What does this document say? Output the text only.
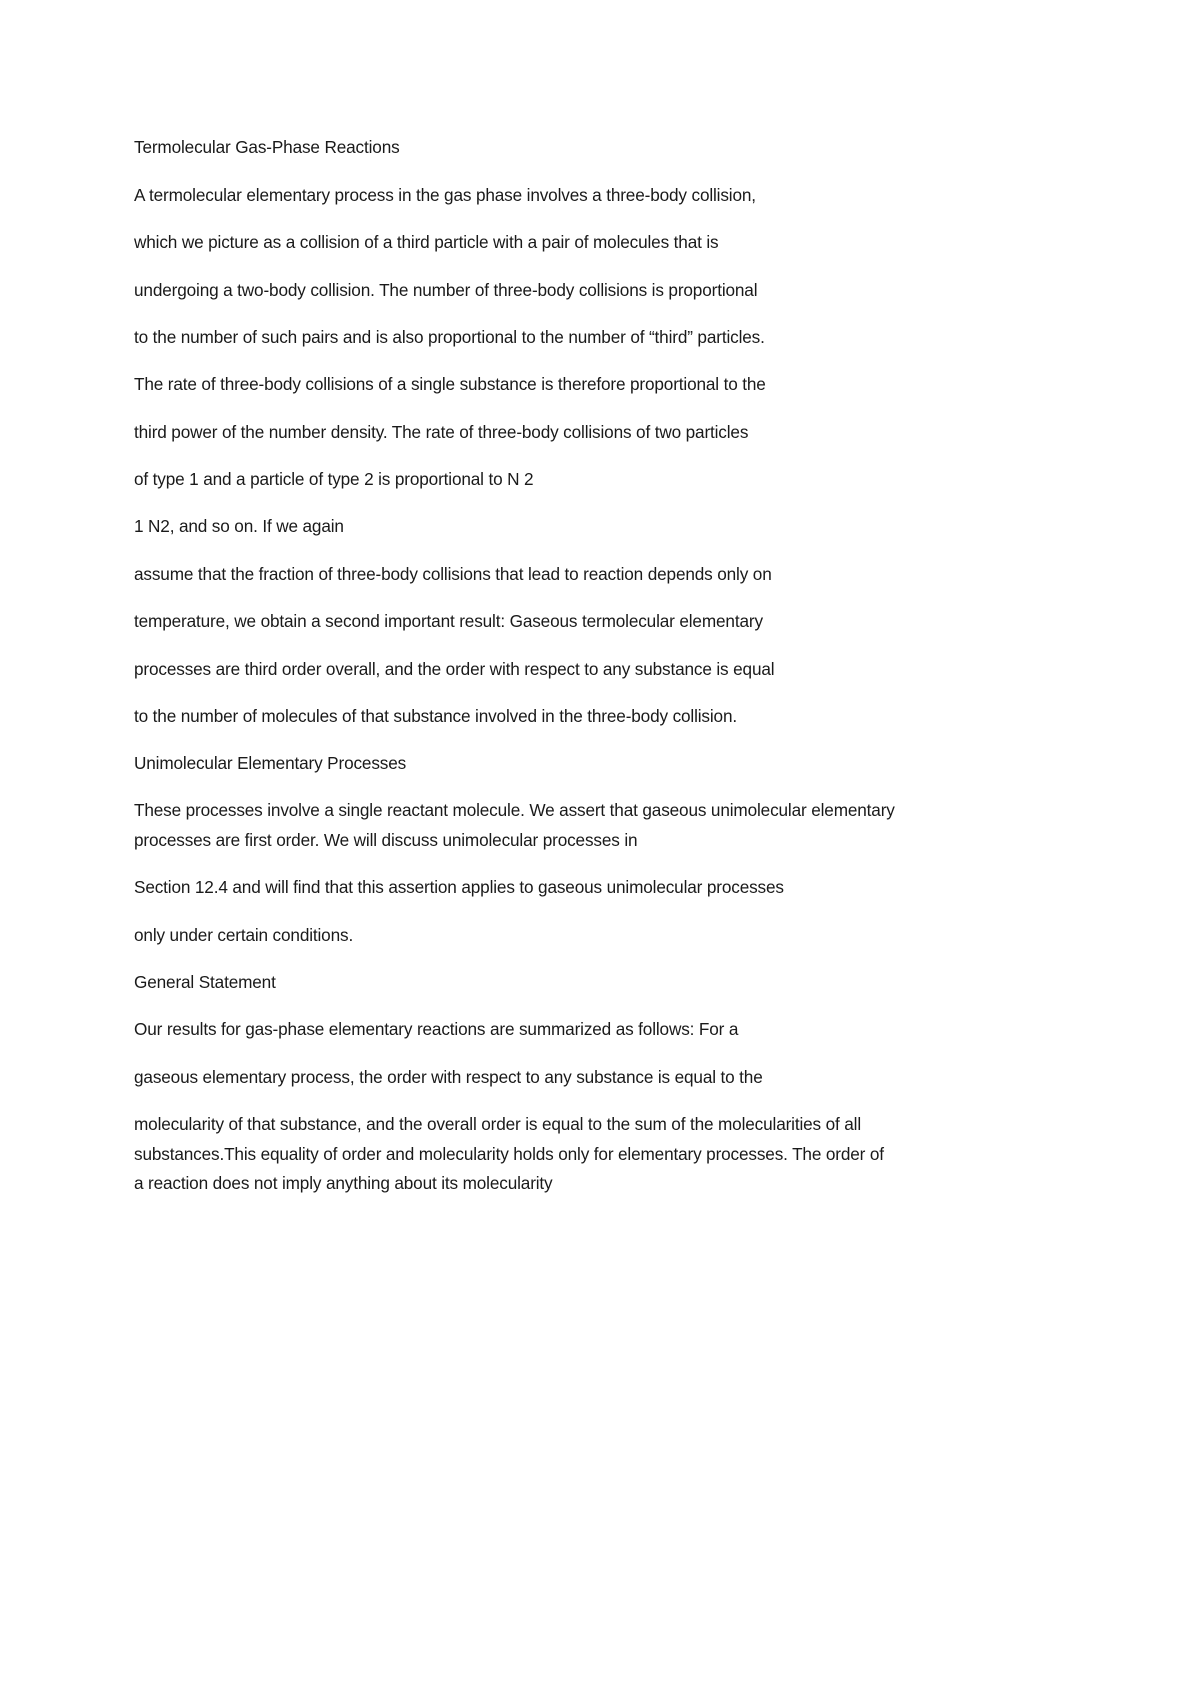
Termolecular Gas-Phase Reactions
A termolecular elementary process in the gas phase involves a three-body collision,
which we picture as a collision of a third particle with a pair of molecules that is
undergoing a two-body collision. The number of three-body collisions is proportional
to the number of such pairs and is also proportional to the number of “third” particles.
The rate of three-body collisions of a single substance is therefore proportional to the
third power of the number density. The rate of three-body collisions of two particles
of type 1 and a particle of type 2 is proportional to N 2
1 N2, and so on. If we again
assume that the fraction of three-body collisions that lead to reaction depends only on
temperature, we obtain a second important result: Gaseous termolecular elementary
processes are third order overall, and the order with respect to any substance is equal
to the number of molecules of that substance involved in the three-body collision.
Unimolecular Elementary Processes
These processes involve a single reactant molecule. We assert that gaseous unimolecular elementary
processes are first order. We will discuss unimolecular processes in
Section 12.4 and will find that this assertion applies to gaseous unimolecular processes
only under certain conditions.
General Statement
Our results for gas-phase elementary reactions are summarized as follows: For a
gaseous elementary process, the order with respect to any substance is equal to the
molecularity of that substance, and the overall order is equal to the sum of the molecularities of all
substances.This equality of order and molecularity holds only for elementary processes. The order of
a reaction does not imply anything about its molecularity
